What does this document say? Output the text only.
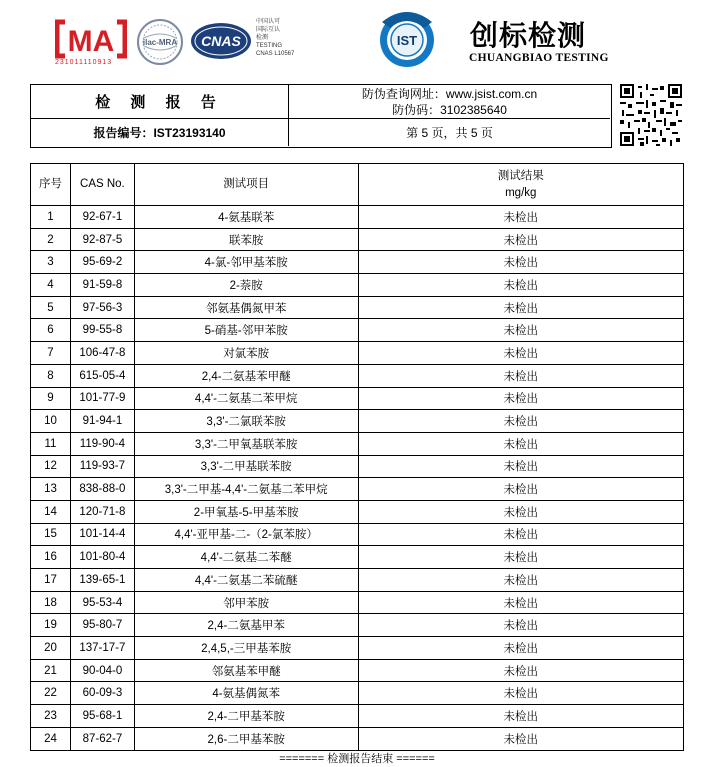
MA
231011110913
ilac-MRA CNAS
中国认可
国际互认
检测
TESTING
CNAS L10567
IST 创标检测
CHUANGBIAO TESTING
检 测 报 告
防伪查询网址：www.jsist.com.cn
防伪码：3102385640
报告编号：IST23193140	第 5 页，共 5 页
序号	CAS No.	测试项目	测试结果
mg/kg

1	92-67-1	4-氨基联苯	未检出
2	92-87-5	联苯胺	未检出
3	95-69-2	4-氯-邻甲基苯胺	未检出
4	91-59-8	2-萘胺	未检出
5	97-56-3	邻氨基偶氮甲苯	未检出
6	99-55-8	5-硝基-邻甲苯胺	未检出
7	106-47-8	对氯苯胺	未检出
8	615-05-4	2,4-二氨基苯甲醚	未检出
9	101-77-9	4,4'-二氨基二苯甲烷	未检出
10	91-94-1	3,3'-二氯联苯胺	未检出
11	119-90-4	3,3'-二甲氧基联苯胺	未检出
12	119-93-7	3,3'-二甲基联苯胺	未检出
13	838-88-0	3,3'-二甲基-4,4'-二氨基二苯甲烷	未检出
14	120-71-8	2-甲氧基-5-甲基苯胺	未检出
15	101-14-4	4,4'-亚甲基-二-（2-氯苯胺）	未检出
16	101-80-4	4,4'-二氨基二苯醚	未检出
17	139-65-1	4,4'-二氨基二苯硫醚	未检出
18	95-53-4	邻甲苯胺	未检出
19	95-80-7	2,4-二氨基甲苯	未检出
20	137-17-7	2,4,5,-三甲基苯胺	未检出
21	90-04-0	邻氨基苯甲醚	未检出
22	60-09-3	4-氨基偶氮苯	未检出
23	95-68-1	2,4-二甲基苯胺	未检出
24	87-62-7	2,6-二甲基苯胺	未检出
======= 检测报告结束 ======
